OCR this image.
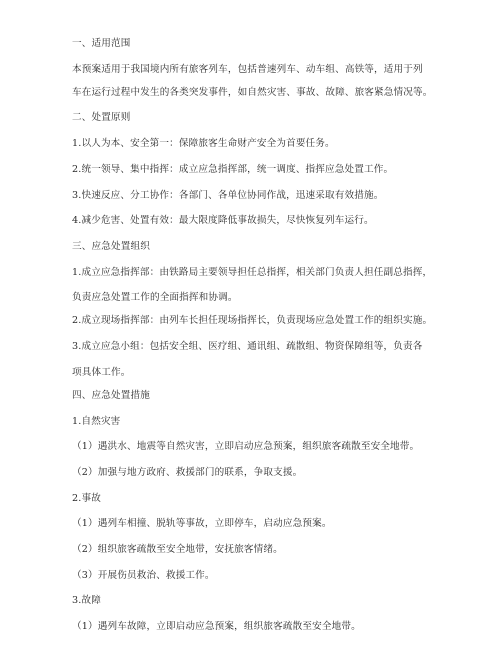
一、适用范围
本预案适用于我国境内所有旅客列车，包括普速列车、动车组、高铁等，适用于列
车在运行过程中发生的各类突发事件，如自然灾害、事故、故障、旅客紧急情况等。
二、处置原则
1.以人为本、安全第一：保障旅客生命财产安全为首要任务。
2.统一领导、集中指挥：成立应急指挥部，统一调度、指挥应急处置工作。
3.快速反应、分工协作：各部门、各单位协同作战，迅速采取有效措施。
4.减少危害、处置有效：最大限度降低事故损失，尽快恢复列车运行。
三、应急处置组织
1.成立应急指挥部：由铁路局主要领导担任总指挥，相关部门负责人担任副总指挥，
负责应急处置工作的全面指挥和协调。
2.成立现场指挥部：由列车长担任现场指挥长，负责现场应急处置工作的组织实施。
3.成立应急小组：包括安全组、医疗组、通讯组、疏散组、物资保障组等，负责各
项具体工作。
四、应急处置措施
1.自然灾害
（1）遇洪水、地震等自然灾害，立即启动应急预案，组织旅客疏散至安全地带。
（2）加强与地方政府、救援部门的联系，争取支援。
2.事故
（1）遇列车相撞、脱轨等事故，立即停车，启动应急预案。
（2）组织旅客疏散至安全地带，安抚旅客情绪。
（3）开展伤员救治、救援工作。
3.故障
（1）遇列车故障，立即启动应急预案，组织旅客疏散至安全地带。
